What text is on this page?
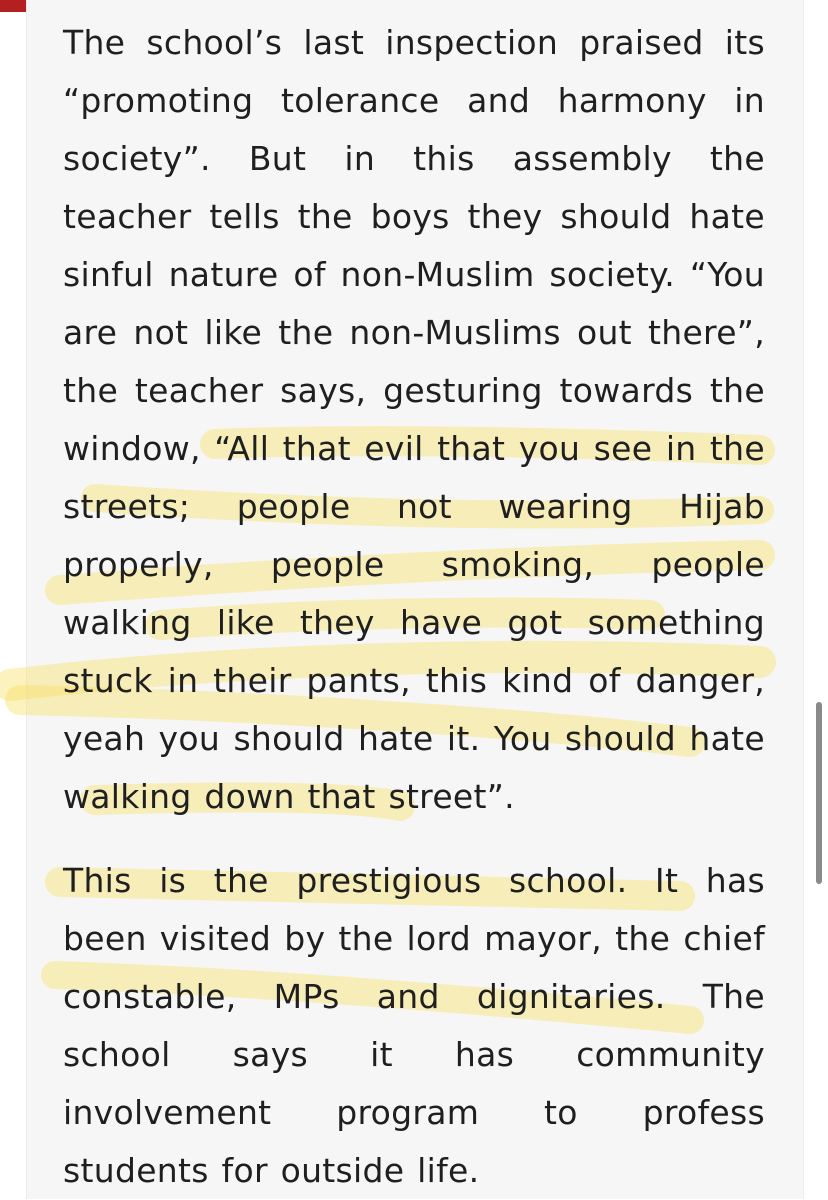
The school’s last inspection praised its “promoting tolerance and harmony in society”. But in this assembly the teacher tells the boys they should hate sinful nature of non-Muslim society. “You are not like the non-Muslims out there”, the teacher says, gesturing towards the window, “All that evil that you see in the streets; people not wearing Hijab properly, people smoking, people walking like they have got something stuck in their pants, this kind of danger, yeah you should hate it. You should hate walking down that street”.

This is the prestigious school. It has been visited by the lord mayor, the chief constable, MPs and dignitaries. The school says it has community involvement program to profess students for outside life.
